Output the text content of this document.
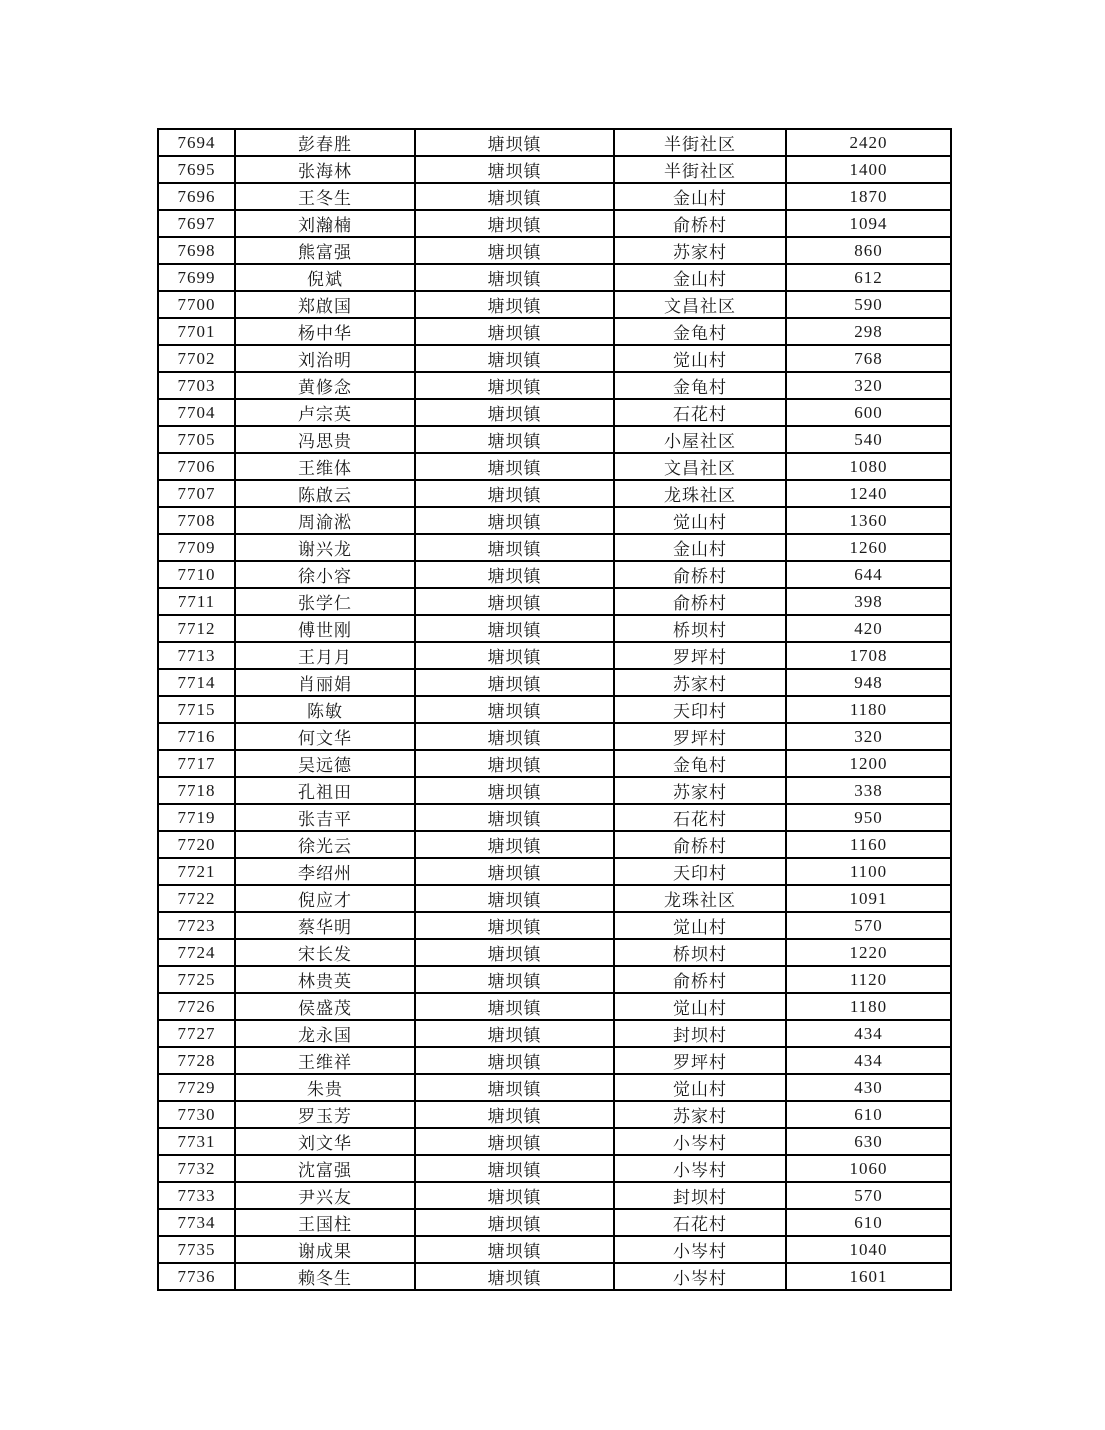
7694	彭春胜	塘坝镇	半街社区	2420
7695	张海林	塘坝镇	半街社区	1400
7696	王冬生	塘坝镇	金山村	1870
7697	刘瀚楠	塘坝镇	俞桥村	1094
7698	熊富强	塘坝镇	苏家村	860
7699	倪斌	塘坝镇	金山村	612
7700	郑啟国	塘坝镇	文昌社区	590
7701	杨中华	塘坝镇	金龟村	298
7702	刘治明	塘坝镇	觉山村	768
7703	黄修念	塘坝镇	金龟村	320
7704	卢宗英	塘坝镇	石花村	600
7705	冯思贵	塘坝镇	小屋社区	540
7706	王维体	塘坝镇	文昌社区	1080
7707	陈啟云	塘坝镇	龙珠社区	1240
7708	周渝淞	塘坝镇	觉山村	1360
7709	谢兴龙	塘坝镇	金山村	1260
7710	徐小容	塘坝镇	俞桥村	644
7711	张学仁	塘坝镇	俞桥村	398
7712	傅世刚	塘坝镇	桥坝村	420
7713	王月月	塘坝镇	罗坪村	1708
7714	肖丽娟	塘坝镇	苏家村	948
7715	陈敏	塘坝镇	天印村	1180
7716	何文华	塘坝镇	罗坪村	320
7717	吴远德	塘坝镇	金龟村	1200
7718	孔祖田	塘坝镇	苏家村	338
7719	张吉平	塘坝镇	石花村	950
7720	徐光云	塘坝镇	俞桥村	1160
7721	李绍州	塘坝镇	天印村	1100
7722	倪应才	塘坝镇	龙珠社区	1091
7723	蔡华明	塘坝镇	觉山村	570
7724	宋长发	塘坝镇	桥坝村	1220
7725	林贵英	塘坝镇	俞桥村	1120
7726	侯盛茂	塘坝镇	觉山村	1180
7727	龙永国	塘坝镇	封坝村	434
7728	王维祥	塘坝镇	罗坪村	434
7729	朱贵	塘坝镇	觉山村	430
7730	罗玉芳	塘坝镇	苏家村	610
7731	刘文华	塘坝镇	小岑村	630
7732	沈富强	塘坝镇	小岑村	1060
7733	尹兴友	塘坝镇	封坝村	570
7734	王国柱	塘坝镇	石花村	610
7735	谢成果	塘坝镇	小岑村	1040
7736	赖冬生	塘坝镇	小岑村	1601
